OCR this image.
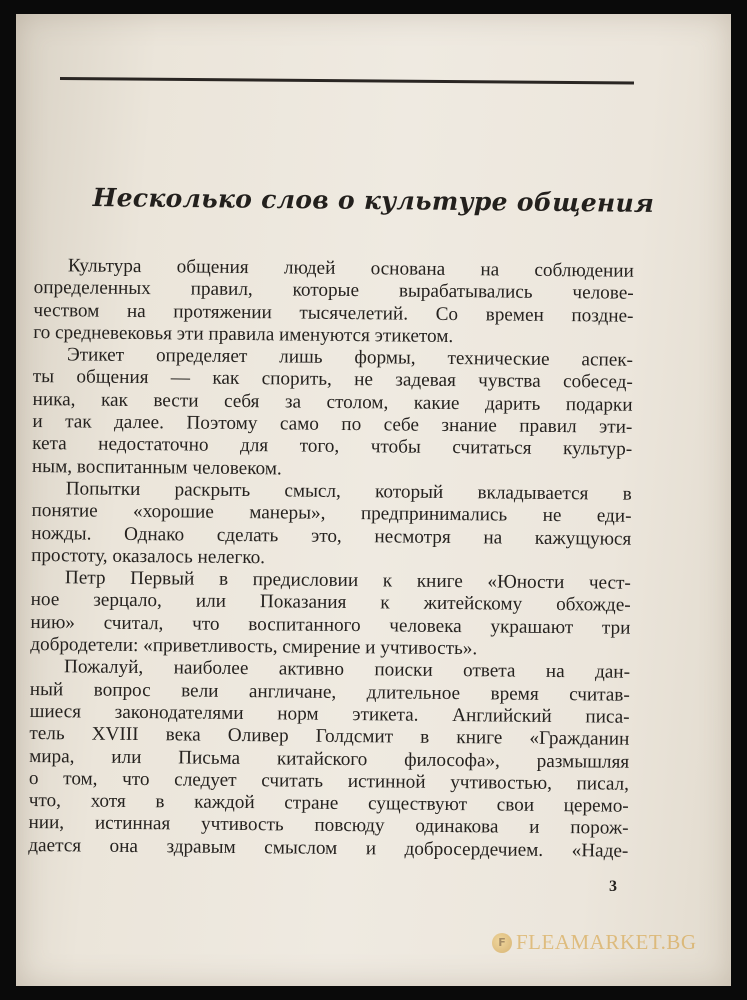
Несколько слов о культуре общения
Культура общения людей основана на соблюдении
определенных правил, которые вырабатывались челове-
чеством на протяжении тысячелетий. Со времен поздне-
го средневековья эти правила именуются этикетом.
Этикет определяет лишь формы, технические аспек-
ты общения — как спорить, не задевая чувства собесед-
ника, как вести себя за столом, какие дарить подарки
и так далее. Поэтому само по себе знание правил эти-
кета недостаточно для того, чтобы считаться культур-
ным, воспитанным человеком.
Попытки раскрыть смысл, который вкладывается в
понятие «хорошие манеры», предпринимались не еди-
ножды. Однако сделать это, несмотря на кажущуюся
простоту, оказалось нелегко.
Петр Первый в предисловии к книге «Юности чест-
ное зерцало, или Показания к житейскому обхожде-
нию» считал, что воспитанного человека украшают три
добродетели: «приветливость, смирение и учтивость».
Пожалуй, наиболее активно поиски ответа на дан-
ный вопрос вели англичане, длительное время считав-
шиеся законодателями норм этикета. Английский писа-
тель XVIII века Оливер Голдсмит в книге «Гражданин
мира, или Письма китайского философа», размышляя
о том, что следует считать истинной учтивостью, писал,
что, хотя в каждой стране существуют свои церемо-
нии, истинная учтивость повсюду одинакова и порож-
дается она здравым смыслом и добросердечием. «Наде-
3
F FLEAMARKET.BG
